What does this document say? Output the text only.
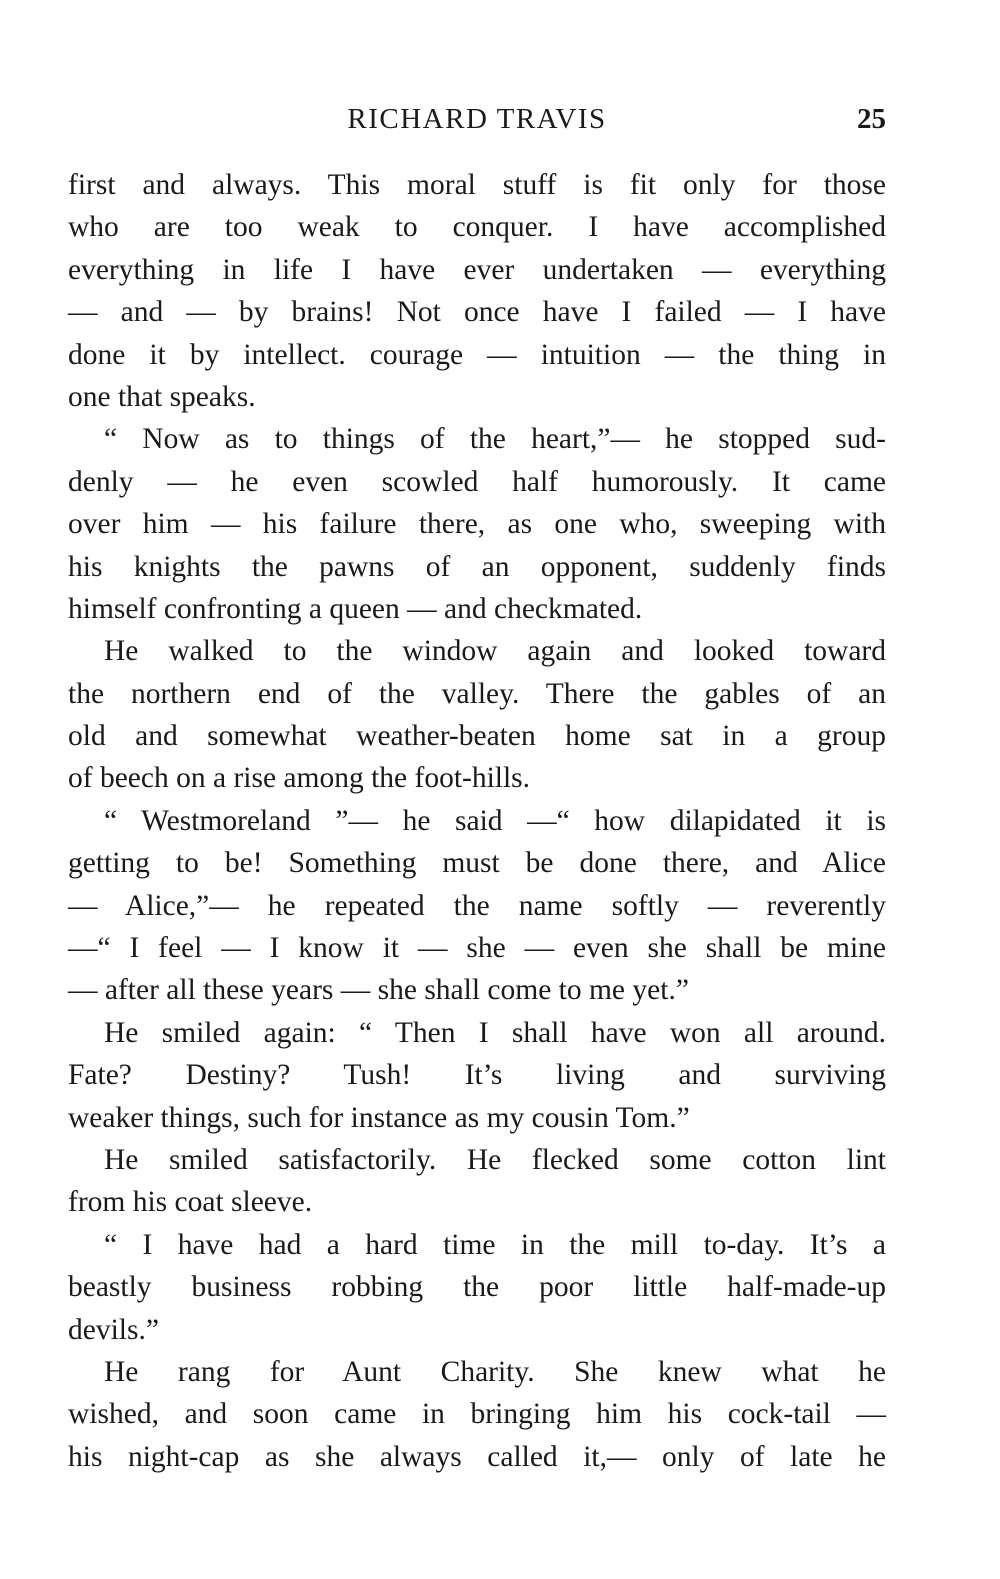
RICHARD TRAVIS	25
first and always. This moral stuff is fit only for those
who are too weak to conquer. I have accomplished
everything in life I have ever undertaken — everything
— and — by brains! Not once have I failed — I have
done it by intellect. courage — intuition — the thing in
one that speaks.
“ Now as to things of the heart,”— he stopped sud-
denly — he even scowled half humorously. It came
over him — his failure there, as one who, sweeping with
his knights the pawns of an opponent, suddenly finds
himself confronting a queen — and checkmated.
He walked to the window again and looked toward
the northern end of the valley. There the gables of an
old and somewhat weather-beaten home sat in a group
of beech on a rise among the foot-hills.
“ Westmoreland ”— he said —“ how dilapidated it is
getting to be! Something must be done there, and Alice
— Alice,”— he repeated the name softly — reverently
—“ I feel — I know it — she — even she shall be mine
— after all these years — she shall come to me yet.”
He smiled again: “ Then I shall have won all around.
Fate? Destiny? Tush! It’s living and surviving
weaker things, such for instance as my cousin Tom.”
He smiled satisfactorily. He flecked some cotton lint
from his coat sleeve.
“ I have had a hard time in the mill to-day. It’s a
beastly business robbing the poor little half-made-up
devils.”
He rang for Aunt Charity. She knew what he
wished, and soon came in bringing him his cock-tail —
his night-cap as she always called it,— only of late he
